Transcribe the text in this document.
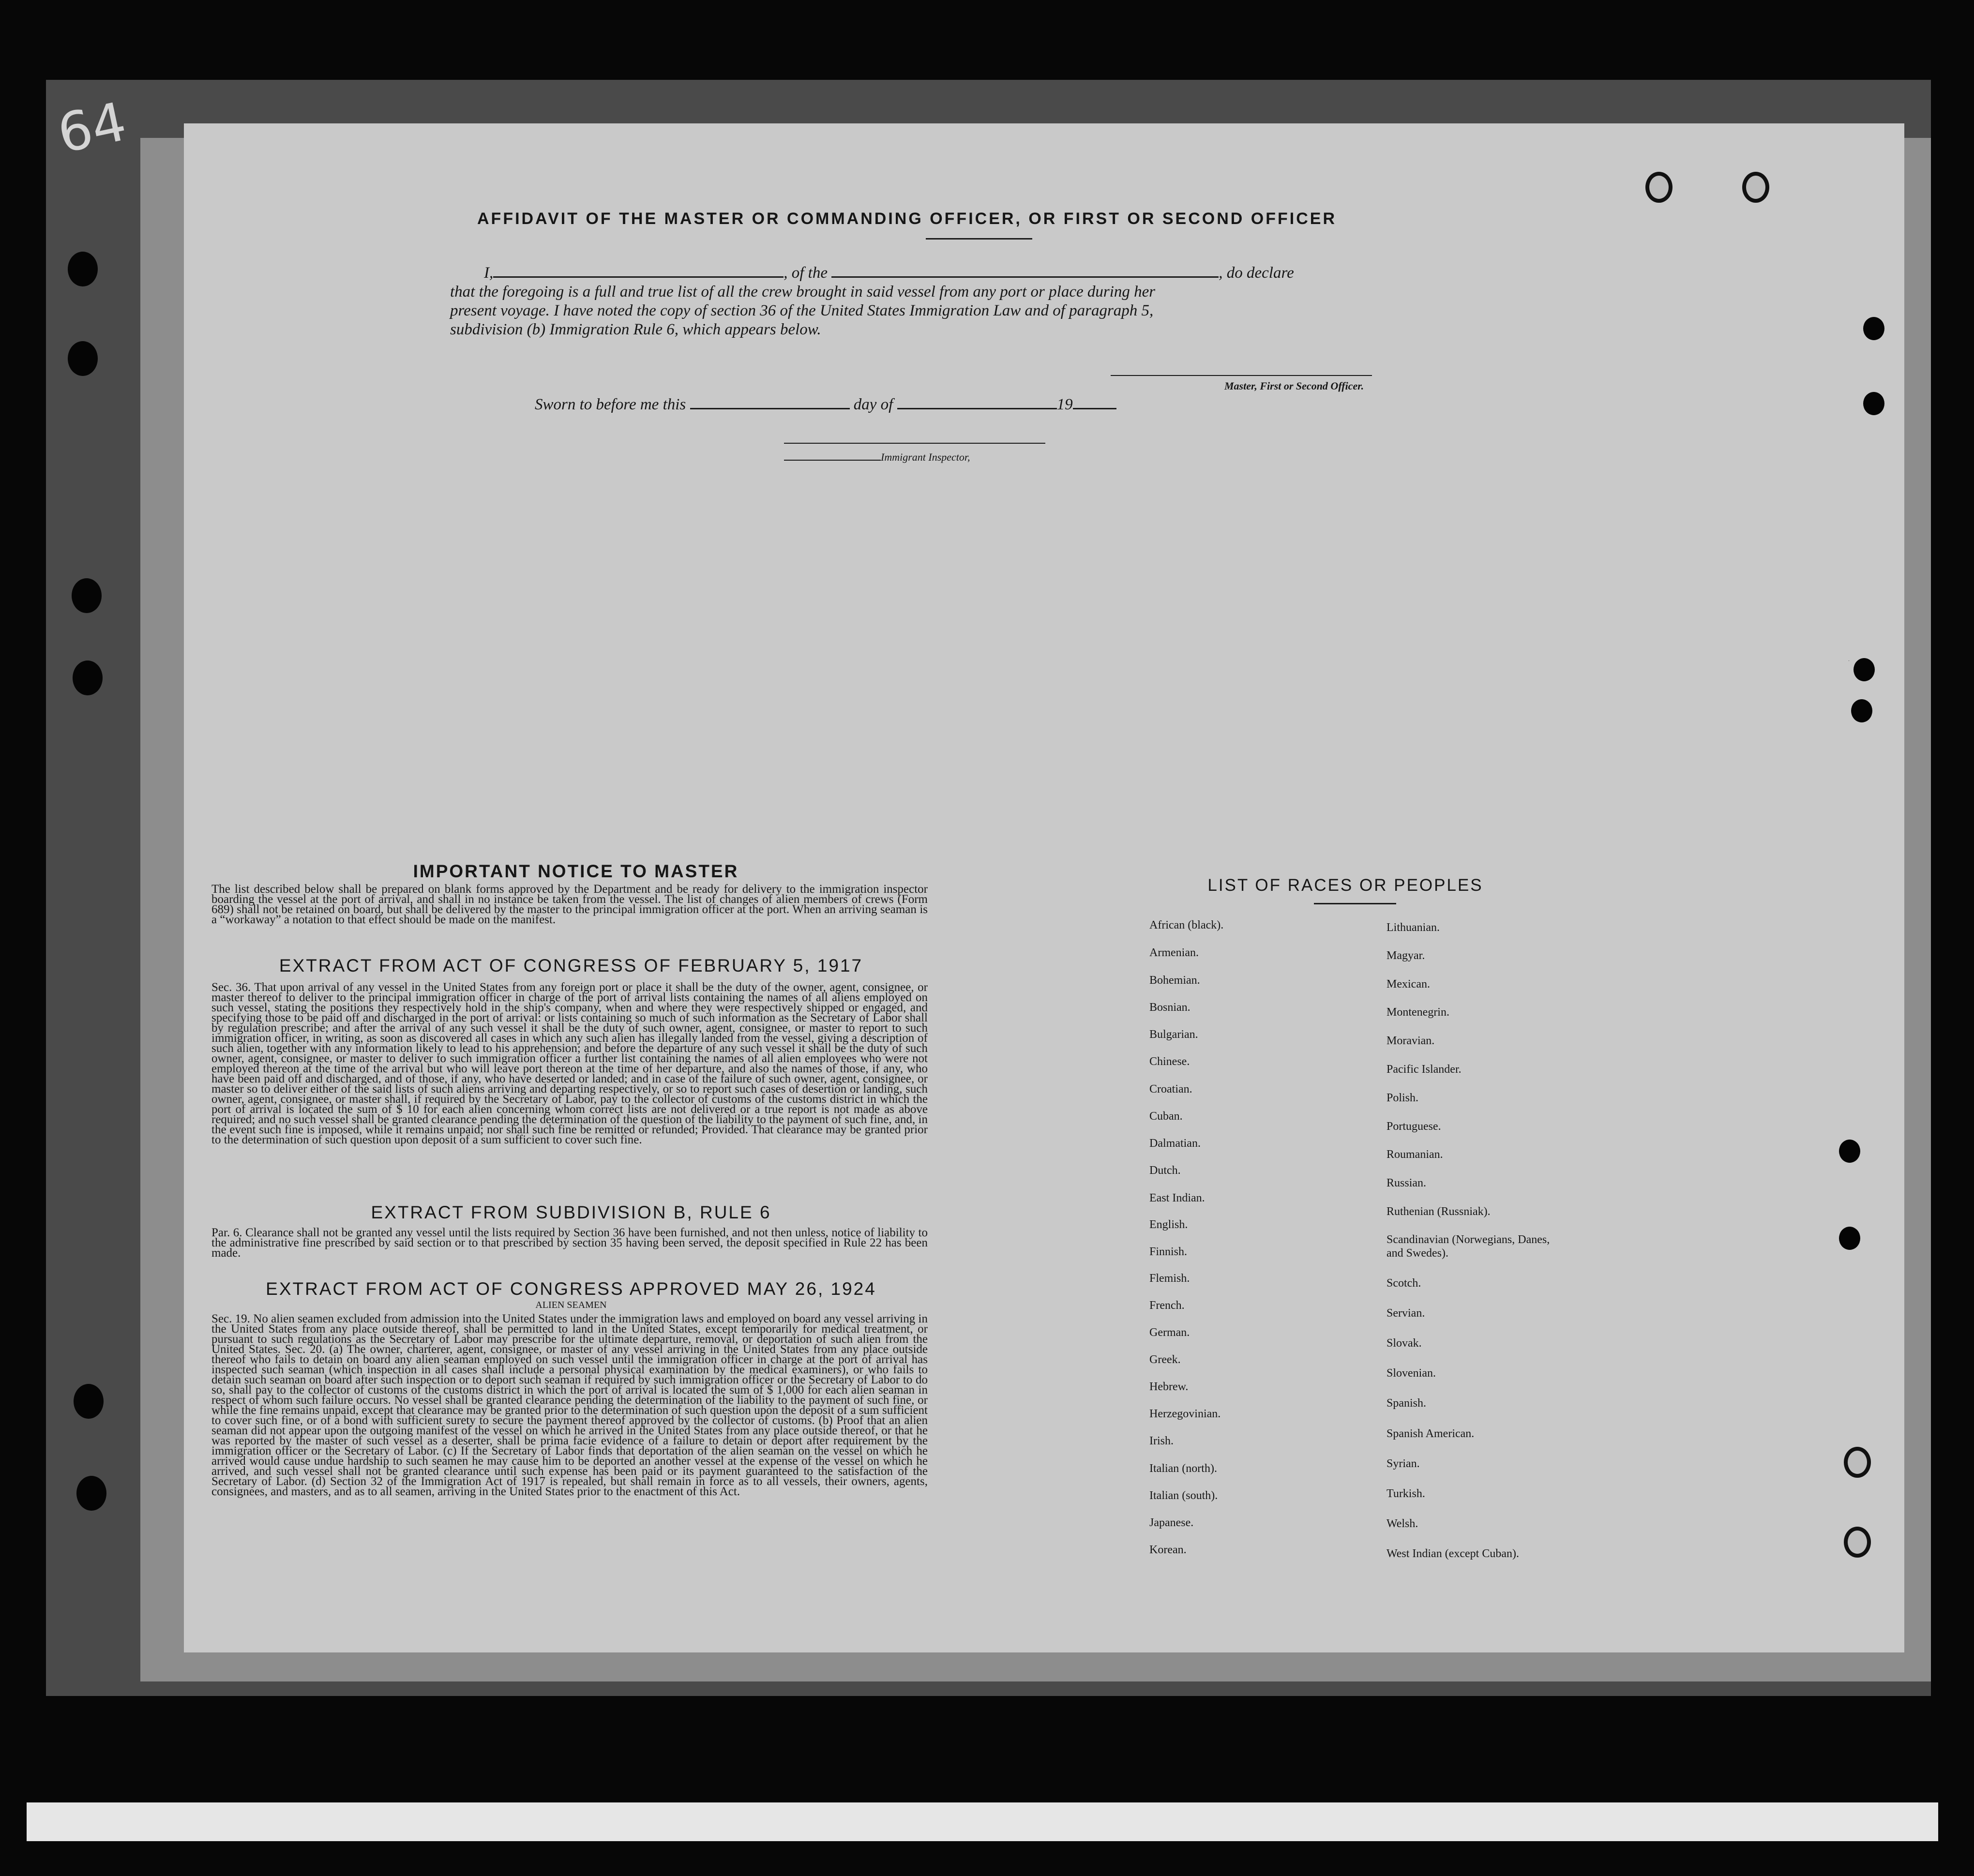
64
AFFIDAVIT OF THE MASTER OR COMMANDING OFFICER, OR FIRST OR SECOND OFFICER
I,	, of the	, do declare
that the foregoing is a full and true list of all the crew brought in said vessel from any port or place during her
present voyage. I have noted the copy of section 36 of the United States Immigration Law and of paragraph 5,
subdivision (b) Immigration Rule 6, which appears below.
Master, First or Second Officer.
Sworn to before me this	day of	19
Immigrant Inspector,
IMPORTANT NOTICE TO MASTER
The list described below shall be prepared on blank forms approved by the Department and be ready for delivery to the immigration inspector boarding the vessel at the port of arrival, and shall in no instance be taken from the vessel. The list of changes of alien members of crews (Form 689) shall not be retained on board, but shall be delivered by the master to the principal immigration officer at the port. When an arriving seaman is a “workaway” a notation to that effect should be made on the manifest.
EXTRACT FROM ACT OF CONGRESS OF FEBRUARY 5, 1917
Sec. 36. That upon arrival of any vessel in the United States from any foreign port or place it shall be the duty of the owner, agent, consignee, or master thereof to deliver to the principal immigration officer in charge of the port of arrival lists containing the names of all aliens employed on such vessel, stating the positions they respectively hold in the ship's company, when and where they were respectively shipped or engaged, and specifying those to be paid off and discharged in the port of arrival: or lists containing so much of such information as the Secretary of Labor shall by regulation prescribe; and after the arrival of any such vessel it shall be the duty of such owner, agent, consignee, or master to report to such immigration officer, in writing, as soon as discovered all cases in which any such alien has illegally landed from the vessel, giving a description of such alien, together with any information likely to lead to his apprehension; and before the departure of any such vessel it shall be the duty of such owner, agent, consignee, or master to deliver to such immigration officer a further list containing the names of all alien employees who were not employed thereon at the time of the arrival but who will leave port thereon at the time of her departure, and also the names of those, if any, who have been paid off and discharged, and of those, if any, who have deserted or landed; and in case of the failure of such owner, agent, consignee, or master so to deliver either of the said lists of such aliens arriving and departing respectively, or so to report such cases of desertion or landing, such owner, agent, consignee, or master shall, if required by the Secretary of Labor, pay to the collector of customs of the customs district in which the port of arrival is located the sum of $ 10 for each alien concerning whom correct lists are not delivered or a true report is not made as above required; and no such vessel shall be granted clearance pending the determination of the question of the liability to the payment of such fine, and, in the event such fine is imposed, while it remains unpaid; nor shall such fine be remitted or refunded; Provided. That clearance may be granted prior to the determination of such question upon deposit of a sum sufficient to cover such fine.
EXTRACT FROM SUBDIVISION B, RULE 6
Par. 6. Clearance shall not be granted any vessel until the lists required by Section 36 have been furnished, and not then unless, notice of liability to the administrative fine prescribed by said section or to that prescribed by section 35 having been served, the deposit specified in Rule 22 has been made.
EXTRACT FROM ACT OF CONGRESS APPROVED MAY 26, 1924
ALIEN SEAMEN
Sec. 19. No alien seamen excluded from admission into the United States under the immigration laws and employed on board any vessel arriving in the United States from any place outside thereof, shall be permitted to land in the United States, except temporarily for medical treatment, or pursuant to such regulations as the Secretary of Labor may prescribe for the ultimate departure, removal, or deportation of such alien from the United States. Sec. 20. (a) The owner, charterer, agent, consignee, or master of any vessel arriving in the United States from any place outside thereof who fails to detain on board any alien seaman employed on such vessel until the immigration officer in charge at the port of arrival has inspected such seaman (which inspection in all cases shall include a personal physical examination by the medical examiners), or who fails to detain such seaman on board after such inspection or to deport such seaman if required by such immigration officer or the Secretary of Labor to do so, shall pay to the collector of customs of the customs district in which the port of arrival is located the sum of $ 1,000 for each alien seaman in respect of whom such failure occurs. No vessel shall be granted clearance pending the determination of the liability to the payment of such fine, or while the fine remains unpaid, except that clearance may be granted prior to the determination of such question upon the deposit of a sum sufficient to cover such fine, or of a bond with sufficient surety to secure the payment thereof approved by the collector of customs. (b) Proof that an alien seaman did not appear upon the outgoing manifest of the vessel on which he arrived in the United States from any place outside thereof, or that he was reported by the master of such vessel as a deserter, shall be prima facie evidence of a failure to detain or deport after requirement by the immigration officer or the Secretary of Labor. (c) If the Secretary of Labor finds that deportation of the alien seaman on the vessel on which he arrived would cause undue hardship to such seamen he may cause him to be deported an another vessel at the expense of the vessel on which he arrived, and such vessel shall not be granted clearance until such expense has been paid or its payment guaranteed to the satisfaction of the Secretary of Labor. (d) Section 32 of the Immigration Act of 1917 is repealed, but shall remain in force as to all vessels, their owners, agents, consignees, and masters, and as to all seamen, arriving in the United States prior to the enactment of this Act.
LIST OF RACES OR PEOPLES
African (black).
Armenian.
Bohemian.
Bosnian.
Bulgarian.
Chinese.
Croatian.
Cuban.
Dalmatian.
Dutch.
East Indian.
English.
Finnish.
Flemish.
French.
German.
Greek.
Hebrew.
Herzegovinian.
Irish.
Italian (north).
Italian (south).
Japanese.
Korean.
Lithuanian.
Magyar.
Mexican.
Montenegrin.
Moravian.
Pacific Islander.
Polish.
Portuguese.
Roumanian.
Russian.
Ruthenian (Russniak).
Scandinavian (Norwegians, Danes, and Swedes).
Scotch.
Servian.
Slovak.
Slovenian.
Spanish.
Spanish American.
Syrian.
Turkish.
Welsh.
West Indian (except Cuban).
